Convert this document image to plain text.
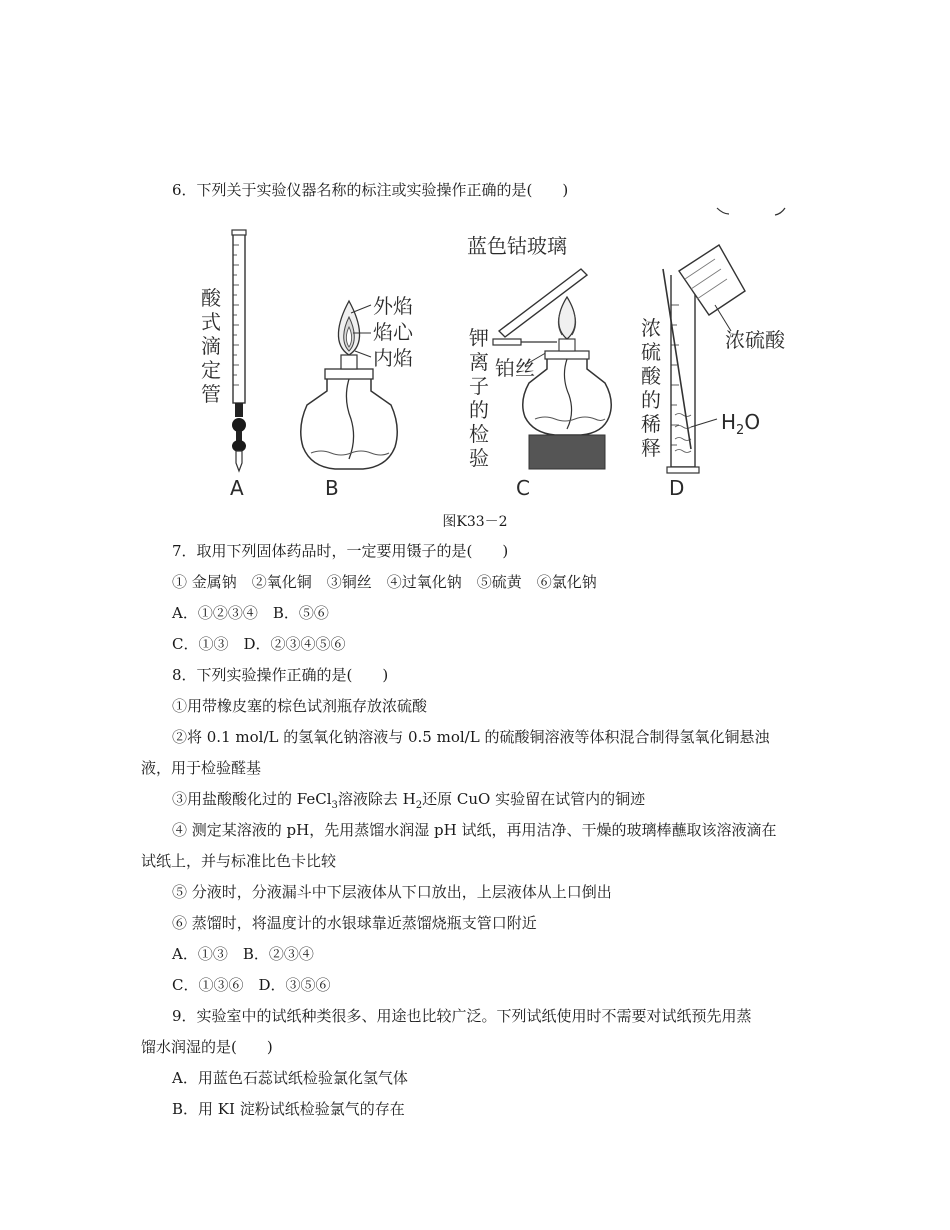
6．下列关于实验仪器名称的标注或实验操作正确的是(　　)
酸
式
滴
定
管
A
外焰
焰心
内焰
B
蓝色钴玻璃
钾
离
子
的
检
验
铂丝
C
浓
硫
酸
的
稀
释
浓硫酸
$H_2O$
D
图K33－2
7．取用下列固体药品时，一定要用镊子的是(　　)
① 金属钠　②氧化铜　③铜丝　④过氧化钠　⑤硫黄　⑥氯化钠
A．①②③④　B．⑤⑥
C．①③　D．②③④⑤⑥
8．下列实验操作正确的是(　　)
①用带橡皮塞的棕色试剂瓶存放浓硫酸
②将 0.1 mol/L 的氢氧化钠溶液与 0.5 mol/L 的硫酸铜溶液等体积混合制得氢氧化铜悬浊
液，用于检验醛基
③用盐酸酸化过的 FeCl$_3$溶液除去 $H_2$还原 CuO 实验留在试管内的铜迹
④ 测定某溶液的 pH，先用蒸馏水润湿 pH 试纸，再用洁净、干燥的玻璃棒蘸取该溶液滴在
试纸上，并与标准比色卡比较
⑤ 分液时，分液漏斗中下层液体从下口放出，上层液体从上口倒出
⑥ 蒸馏时，将温度计的水银球靠近蒸馏烧瓶支管口附近
A．①③　B．②③④
C．①③⑥　D．③⑤⑥
9．实验室中的试纸种类很多、用途也比较广泛。下列试纸使用时不需要对试纸预先用蒸
馏水润湿的是(　　)
A．用蓝色石蕊试纸检验氯化氢气体
B．用 KI 淀粉试纸检验氯气的存在
